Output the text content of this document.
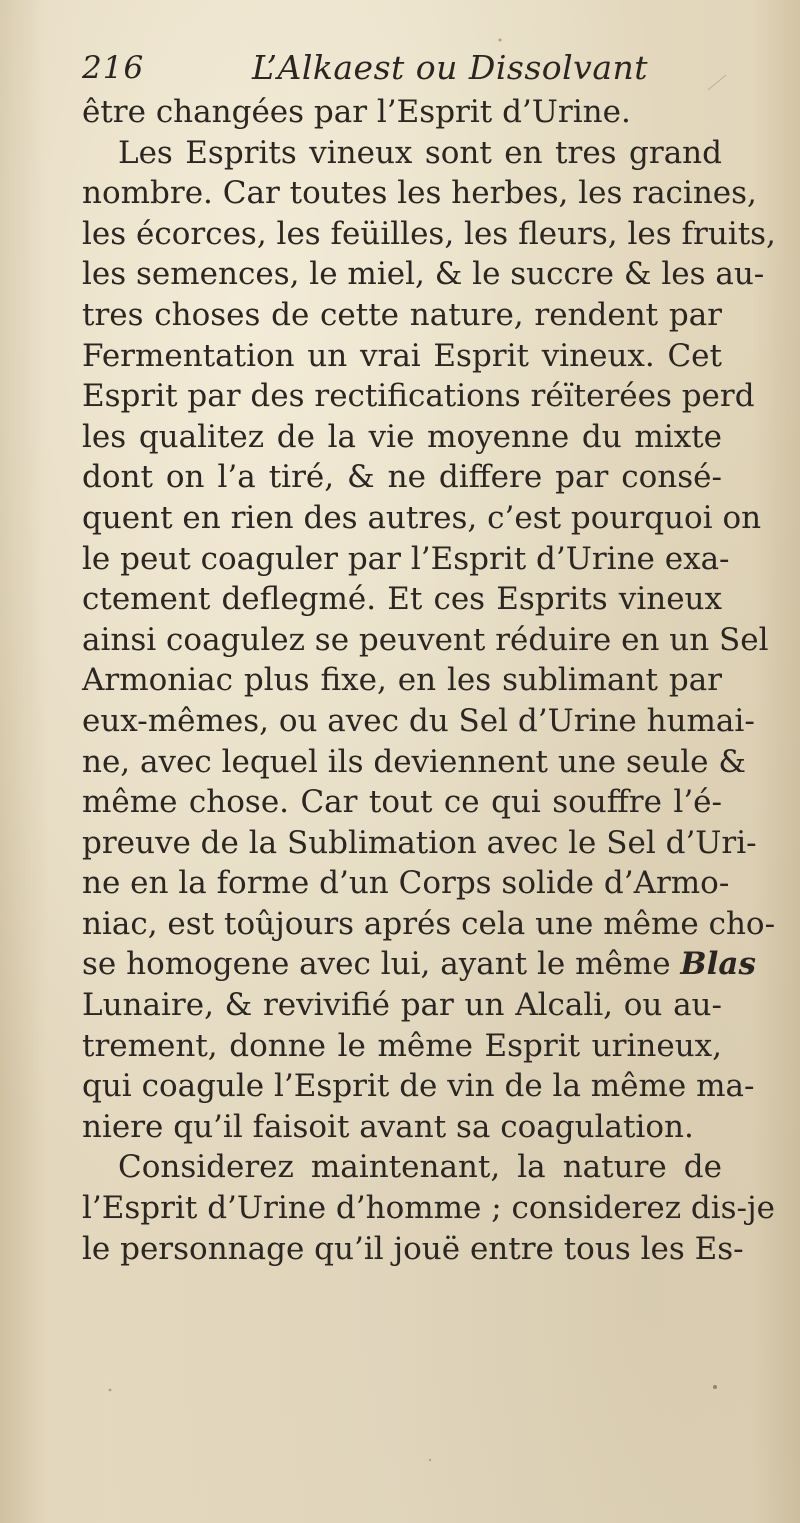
216	L’Alkaest ou Dissolvant
être changées par l’Esprit d’Urine.
Les Esprits vineux sont en tres grand
nombre. Car toutes les herbes, les racines,
les écorces, les feüilles, les fleurs, les fruits,
les semences, le miel, & le succre & les au-
tres choses de cette nature, rendent par
Fermentation un vrai Esprit vineux. Cet
Esprit par des rectifications réïterées perd
les qualitez de la vie moyenne du mixte
dont on l’a tiré, & ne differe par consé-
quent en rien des autres, c’est pourquoi on
le peut coaguler par l’Esprit d’Urine exa-
ctement deflegmé. Et ces Esprits vineux
ainsi coagulez se peuvent réduire en un Sel
Armoniac plus fixe, en les sublimant par
eux-mêmes, ou avec du Sel d’Urine humai-
ne, avec lequel ils deviennent une seule &
même chose. Car tout ce qui souffre l’é-
preuve de la Sublimation avec le Sel d’Uri-
ne en la forme d’un Corps solide d’Armo-
niac, est toûjours aprés cela une même cho-
se homogene avec lui, ayant le même Blas
Lunaire, & revivifié par un Alcali, ou au-
trement, donne le même Esprit urineux,
qui coagule l’Esprit de vin de la même ma-
niere qu’il faisoit avant sa coagulation.
Considerez maintenant, la nature de
l’Esprit d’Urine d’homme ; considerez dis-je
le personnage qu’il jouë entre tous les Es-
